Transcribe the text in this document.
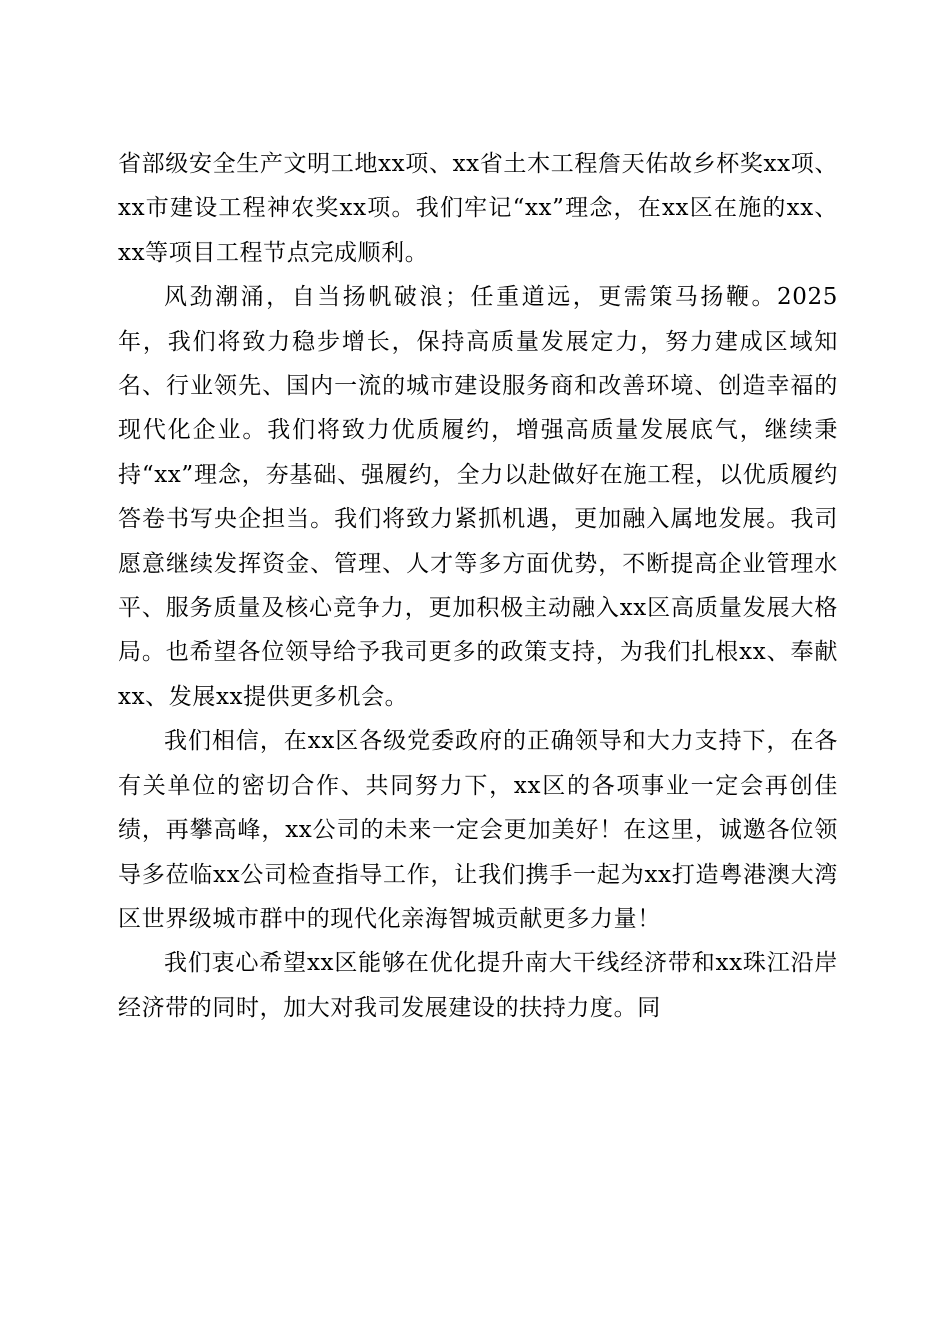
省部级安全生产文明工地xx项、xx省土木工程詹天佑故乡杯奖xx项、xx市建设工程神农奖xx项。我们牢记“xx”理念，在xx区在施的xx、xx等项目工程节点完成顺利。

风劲潮涌，自当扬帆破浪；任重道远，更需策马扬鞭。2025年，我们将致力稳步增长，保持高质量发展定力，努力建成区域知名、行业领先、国内一流的城市建设服务商和改善环境、创造幸福的现代化企业。我们将致力优质履约，增强高质量发展底气，继续秉持“xx”理念，夯基础、强履约，全力以赴做好在施工程，以优质履约答卷书写央企担当。我们将致力紧抓机遇，更加融入属地发展。我司愿意继续发挥资金、管理、人才等多方面优势，不断提高企业管理水平、服务质量及核心竞争力，更加积极主动融入xx区高质量发展大格局。也希望各位领导给予我司更多的政策支持，为我们扎根xx、奉献xx、发展xx提供更多机会。

我们相信，在xx区各级党委政府的正确领导和大力支持下，在各有关单位的密切合作、共同努力下，xx区的各项事业一定会再创佳绩，再攀高峰，xx公司的未来一定会更加美好！在这里，诚邀各位领导多莅临xx公司检查指导工作，让我们携手一起为xx打造粤港澳大湾区世界级城市群中的现代化亲海智城贡献更多力量！

我们衷心希望xx区能够在优化提升南大干线经济带和xx珠江沿岸经济带的同时，加大对我司发展建设的扶持力度。同
